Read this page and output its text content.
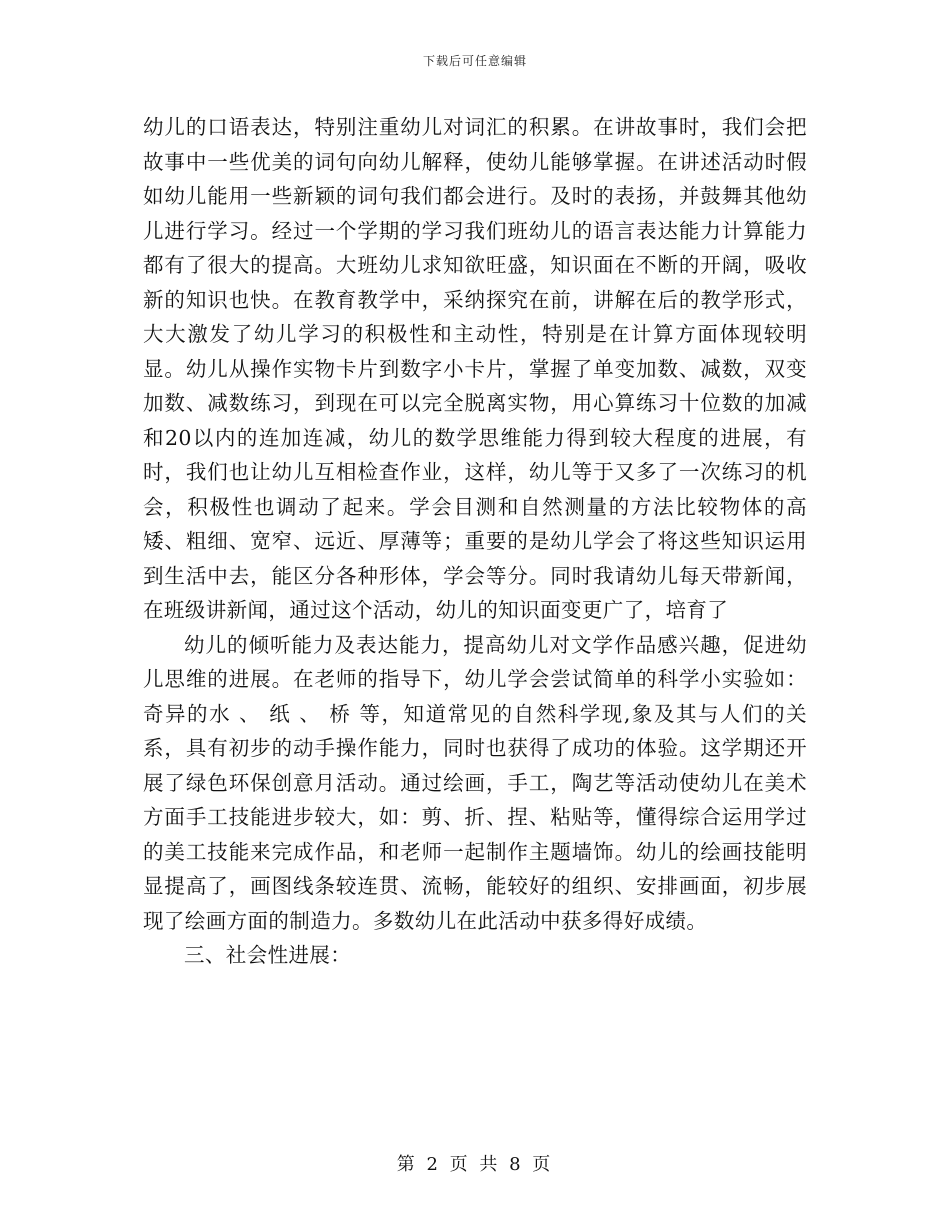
下载后可任意编辑

幼儿的口语表达，特别注重幼儿对词汇的积累。在讲故事时，我们会把故事中一些优美的词句向幼儿解释，使幼儿能够掌握。在讲述活动时假如幼儿能用一些新颖的词句我们都会进行。及时的表扬，并鼓舞其他幼儿进行学习。经过一个学期的学习我们班幼儿的语言表达能力计算能力都有了很大的提高。大班幼儿求知欲旺盛，知识面在不断的开阔，吸收新的知识也快。在教育教学中，采纳探究在前，讲解在后的教学形式，大大激发了幼儿学习的积极性和主动性，特别是在计算方面体现较明显。幼儿从操作实物卡片到数字小卡片，掌握了单变加数、减数，双变加数、减数练习，到现在可以完全脱离实物，用心算练习十位数的加减和20以内的连加连减，幼儿的数学思维能力得到较大程度的进展，有时，我们也让幼儿互相检查作业，这样，幼儿等于又多了一次练习的机会，积极性也调动了起来。学会目测和自然测量的方法比较物体的高矮、粗细、宽窄、远近、厚薄等；重要的是幼儿学会了将这些知识运用到生活中去，能区分各种形体，学会等分。同时我请幼儿每天带新闻，在班级讲新闻，通过这个活动，幼儿的知识面变更广了，培育了

幼儿的倾听能力及表达能力，提高幼儿对文学作品感兴趣，促进幼儿思维的进展。在老师的指导下，幼儿学会尝试简单的科学小实验如：奇异的水 、 纸 、 桥 等，知道常见的自然科学现,象及其与人们的关系，具有初步的动手操作能力，同时也获得了成功的体验。这学期还开展了绿色环保创意月活动。通过绘画，手工，陶艺等活动使幼儿在美术方面手工技能进步较大，如：剪、折、捏、粘贴等，懂得综合运用学过的美工技能来完成作品，和老师一起制作主题墙饰。幼儿的绘画技能明显提高了，画图线条较连贯、流畅，能较好的组织、安排画面，初步展现了绘画方面的制造力。多数幼儿在此活动中获多得好成绩。

三、社会性进展：

第 2 页 共 8 页
